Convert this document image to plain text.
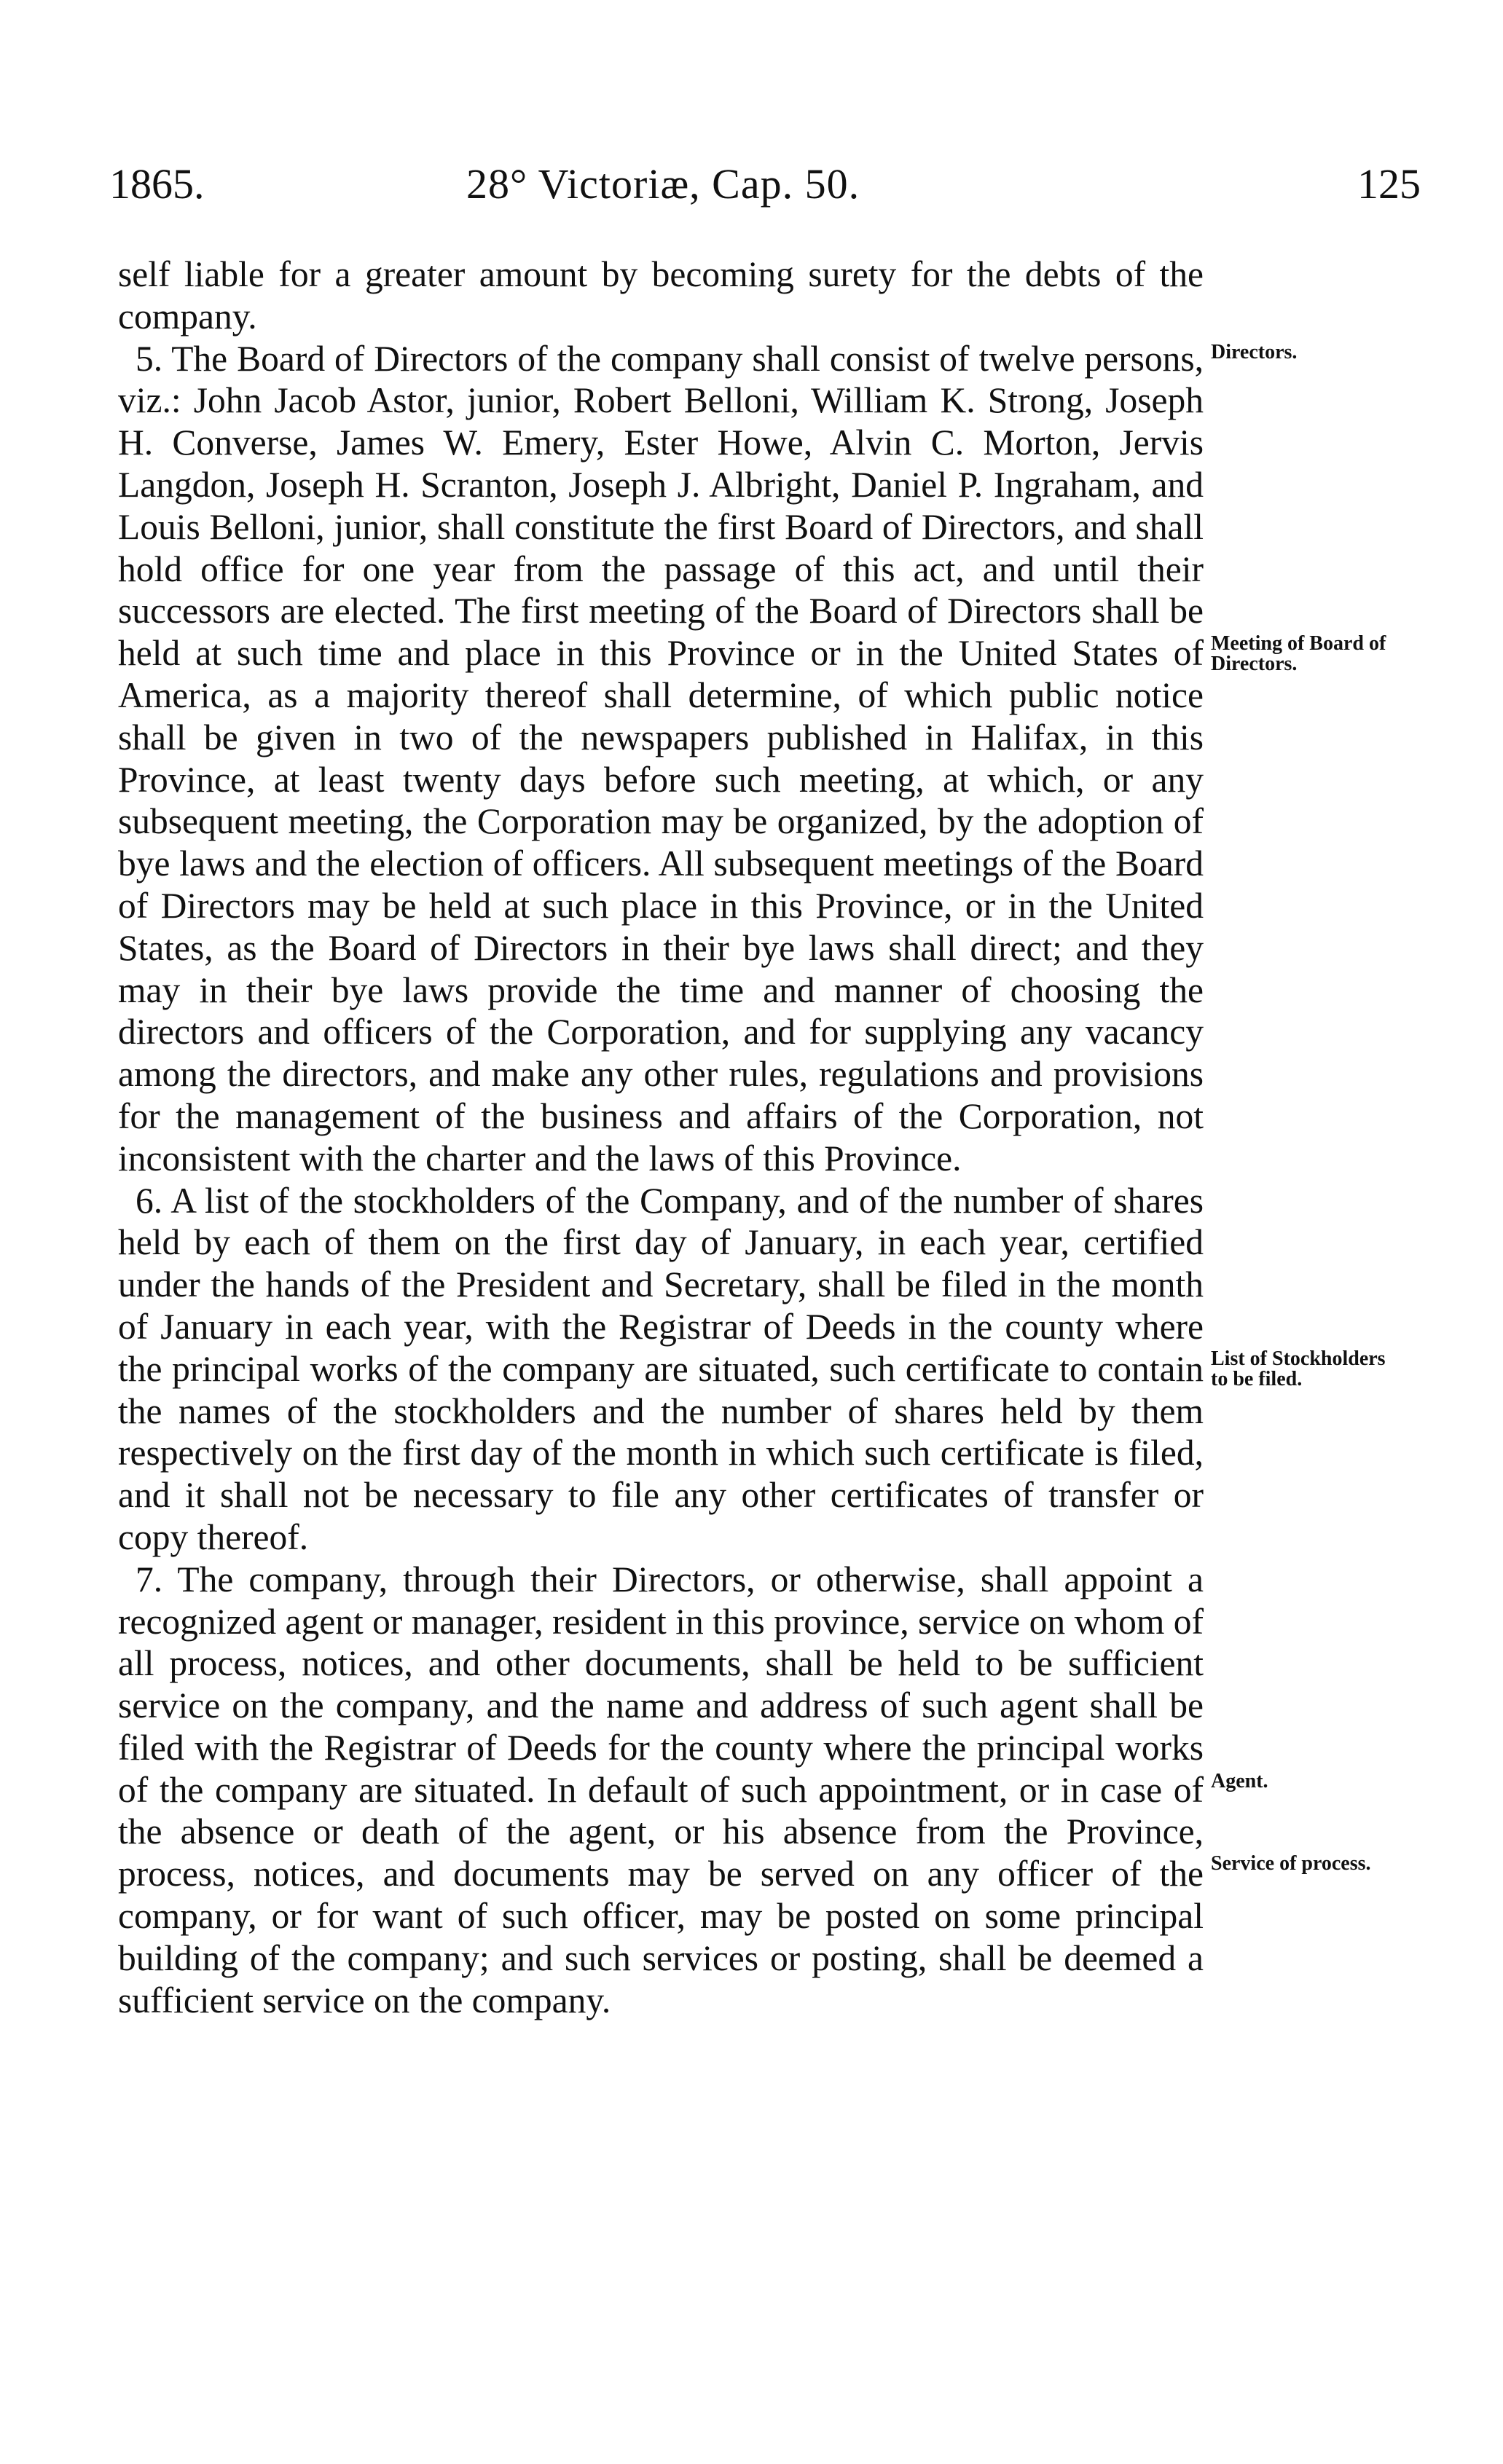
1865.	28° Victoriæ, Cap. 50.	125

self liable for a greater amount by becoming surety for the debts of the company.

5. The Board of Directors of the company shall consist of twelve persons, viz.: John Jacob Astor, junior, Robert Belloni, William K. Strong, Joseph H. Converse, James W. Emery, Ester Howe, Alvin C. Morton, Jervis Langdon, Joseph H. Scranton, Joseph J. Albright, Daniel P. Ingraham, and Louis Belloni, junior, shall constitute the first Board of Directors, and shall hold office for one year from the passage of this act, and until their successors are elected. The first meeting of the Board of Directors shall be held at such time and place in this Province or in the United States of America, as a majority thereof shall determine, of which public notice shall be given in two of the newspapers published in Halifax, in this Province, at least twenty days before such meeting, at which, or any subsequent meeting, the Corporation may be organized, by the adoption of bye laws and the election of officers. All subsequent meetings of the Board of Directors may be held at such place in this Province, or in the United States, as the Board of Directors in their bye laws shall direct; and they may in their bye laws provide the time and manner of choosing the directors and officers of the Corporation, and for supplying any vacancy among the directors, and make any other rules, regulations and provisions for the management of the business and affairs of the Corporation, not inconsistent with the charter and the laws of this Province.

6. A list of the stockholders of the Company, and of the number of shares held by each of them on the first day of January, in each year, certified under the hands of the President and Secretary, shall be filed in the month of January in each year, with the Registrar of Deeds in the county where the principal works of the company are situated, such certificate to contain the names of the stockholders and the number of shares held by them respectively on the first day of the month in which such certificate is filed, and it shall not be necessary to file any other certificates of transfer or copy thereof.

7. The company, through their Directors, or otherwise, shall appoint a recognized agent or manager, resident in this province, service on whom of all process, notices, and other documents, shall be held to be sufficient service on the company, and the name and address of such agent shall be filed with the Registrar of Deeds for the county where the principal works of the company are situated. In default of such appointment, or in case of the absence or death of the agent, or his absence from the Province, process, notices, and documents may be served on any officer of the company, or for want of such officer, may be posted on some principal building of the company; and such services or posting, shall be deemed a sufficient service on the company.

Directors.
Meeting of Board of Directors.
List of Stockholders to be filed.
Agent.
Service of process.
